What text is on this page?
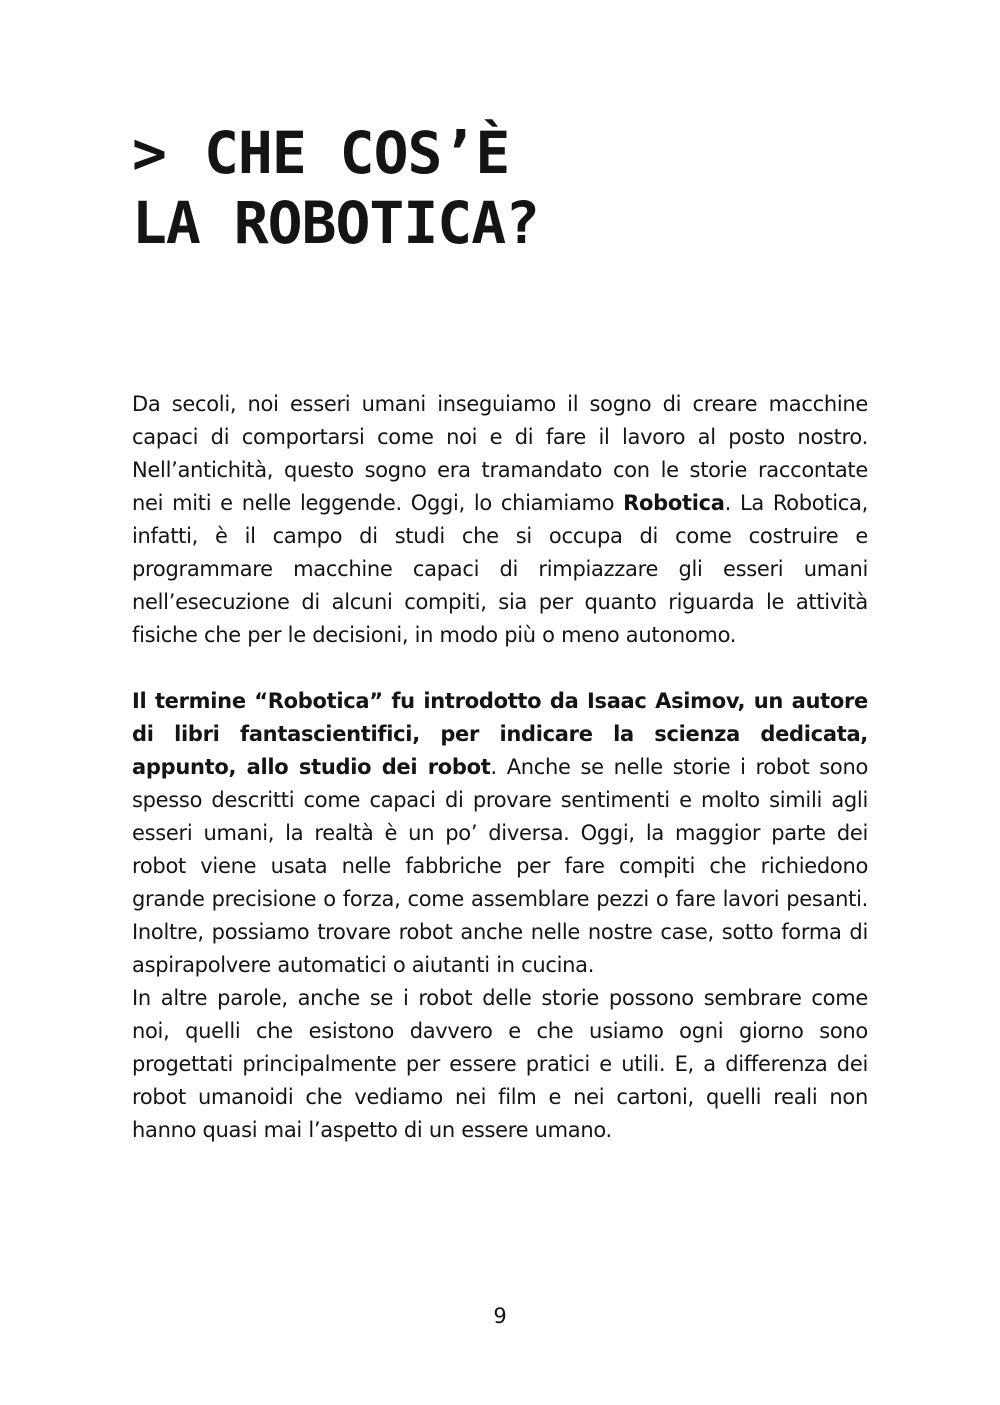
> CHE COS’È
LA ROBOTICA?

Da secoli, noi esseri umani inseguiamo il sogno di creare macchine capaci di comportarsi come noi e di fare il lavoro al posto nostro. Nell’antichità, questo sogno era tramandato con le storie raccontate nei miti e nelle leggende. Oggi, lo chiamiamo Robotica. La Robotica, infatti, è il campo di studi che si occupa di come costruire e programmare macchine capaci di rimpiazzare gli esseri umani nell’esecuzione di alcuni compiti, sia per quanto riguarda le attività fisiche che per le decisioni, in modo più o meno autonomo.

Il termine “Robotica” fu introdotto da Isaac Asimov, un autore di libri fantascientifici, per indicare la scienza dedicata, appunto, allo studio dei robot. Anche se nelle storie i robot sono spesso descritti come capaci di provare sentimenti e molto simili agli esseri umani, la realtà è un po’ diversa. Oggi, la maggior parte dei robot viene usata nelle fabbriche per fare compiti che richiedono grande precisione o forza, come assemblare pezzi o fare lavori pesanti. Inoltre, possiamo trovare robot anche nelle nostre case, sotto forma di aspirapolvere automatici o aiutanti in cucina.

In altre parole, anche se i robot delle storie possono sembrare come noi, quelli che esistono davvero e che usiamo ogni giorno sono progettati principalmente per essere pratici e utili. E, a differenza dei robot umanoidi che vediamo nei film e nei cartoni, quelli reali non hanno quasi mai l’aspetto di un essere umano.

9
